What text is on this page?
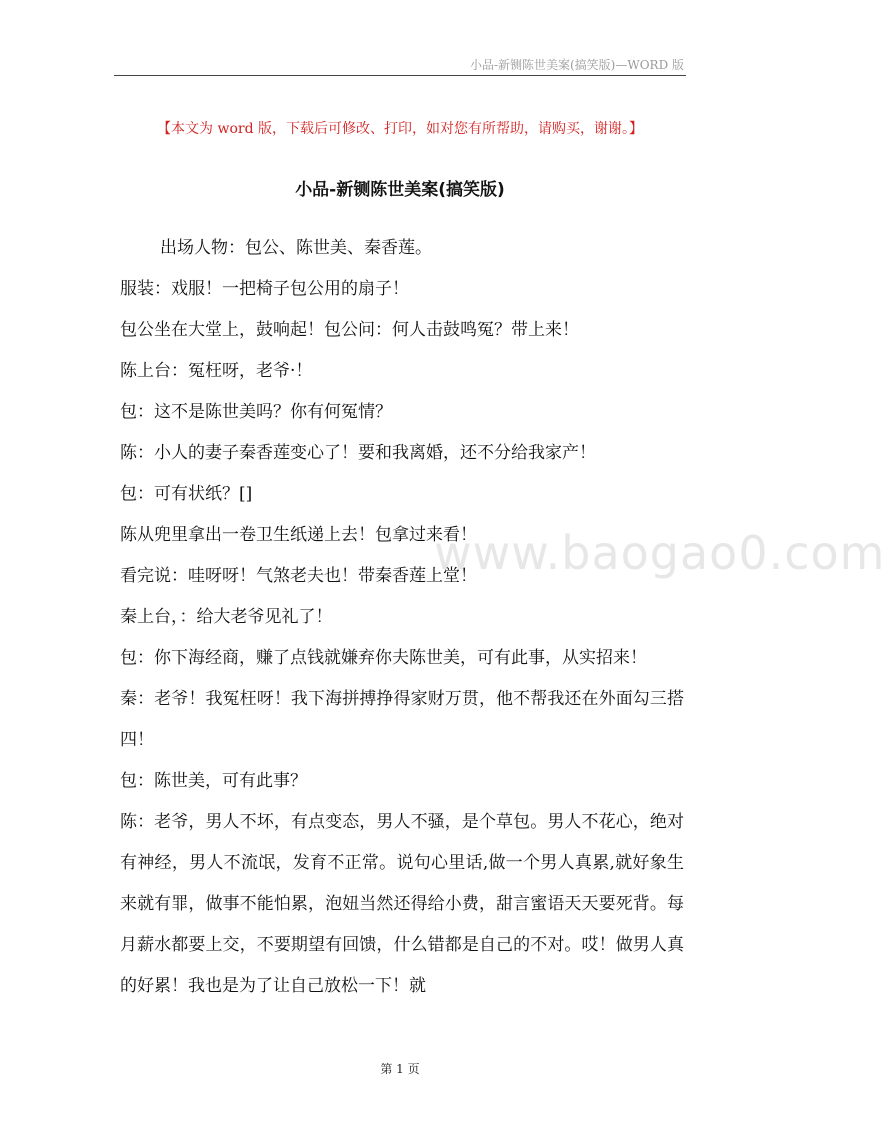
小品-新铡陈世美案(搞笑版)—WORD 版
【本文为 word 版，下载后可修改、打印，如对您有所帮助，请购买，谢谢。】
小品-新铡陈世美案(搞笑版)

出场人物：包公、陈世美、秦香莲。

服装：戏服！一把椅子包公用的扇子！

包公坐在大堂上，鼓响起！包公问：何人击鼓鸣冤？带上来！

陈上台：冤枉呀，老爷·！

包：这不是陈世美吗？你有何冤情？

陈：小人的妻子秦香莲变心了！要和我离婚，还不分给我家产！

包：可有状纸？[]

陈从兜里拿出一卷卫生纸递上去！包拿过来看！

看完说：哇呀呀！气煞老夫也！带秦香莲上堂！

秦上台，：给大老爷见礼了！

包：你下海经商，赚了点钱就嫌弃你夫陈世美，可有此事，从实招来！

秦：老爷！我冤枉呀！我下海拼搏挣得家财万贯，他不帮我还在外面勾三搭四！

包：陈世美，可有此事？

陈：老爷，男人不坏，有点变态，男人不骚，是个草包。男人不花心，绝对有神经，男人不流氓，发育不正常。说句心里话,做一个男人真累,就好象生来就有罪，做事不能怕累，泡妞当然还得给小费，甜言蜜语天天要死背。每月薪水都要上交，不要期望有回馈，什么错都是自己的不对。哎！做男人真的好累！我也是为了让自己放松一下！就

www.baogao0.com
第 1 页
